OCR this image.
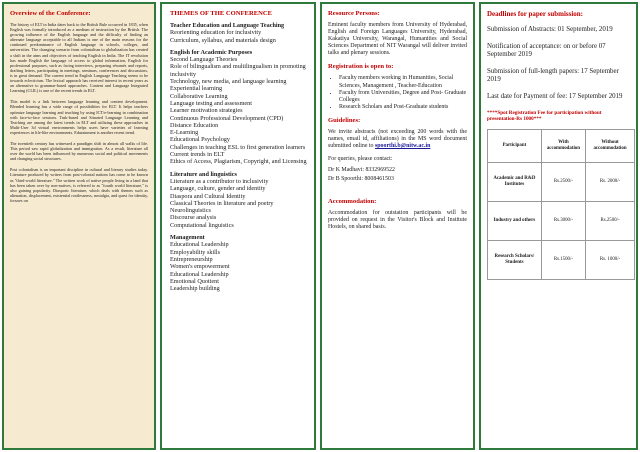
Overview of the Conference:

The history of ELT in India dates back to the British Rule occurred in 1835, when English was formally introduced as a medium of instruction by the British. The growing influence of the English language and the difficulty of finding an alternate language acceptable to all Indians is one of the main reasons for the continued predominance of English language in schools, colleges, and universities. The changing scenario from colonialism to globalization has created a shift in the aims and objectives of teaching English in India. The IT revolution has made English the language of access to global information, English for professional purposes, such as facing interviews, preparing résumés and reports, drafting letters, participating in meetings, seminars, conferences and discussions, is in great demand. The current trend in English Language Teaching seems to be towards eclecticism. The lexical approach has received interest in recent years as an alternative to grammar-based approaches. Content and Language Integrated Learning (CLIL) is one of the recent trends in ELT.

This model is a link between language learning and content development. Blended learning has a wide range of possibilities for ELT. It helps teachers optimize language learning and teaching by using ICT/e-learning in combination with face-to-face sessions. Task-based and Situated Language Learning and Teaching are among the latest trends in ELT and utilizing these approaches in Multi-User 3d virtual environments helps users have varieties of learning experiences in life-like environments. Edutainment is another recent trend.

The twentieth century has witnessed a paradigm shift in almost all walks of life. This period saw rapid globalization and immigration. As a result, literature all over the world has been influenced by numerous social and political movements and changing social structures.

Post colonialism is an important discipline in cultural and literary studies today. Literature produced by writers from post-colonial nations has come to be known as "third-world literature." The written work of native people living in a land that has been taken over by non-natives, is referred to as "fourth world literature," is also gaining popularity. Diasporic literature, which deals with themes such as alienation, displacement, existential rootlessness, nostalgia, and quest for identity, focuses on

THEMES OF THE CONFERENCE
Teacher Education and Language Teaching
Reorienting education for inclusivity
Curriculum, syllabus, and materials design
English for Academic Purposes
Second Language Theories
Role of bilingualism and multilingualism in promoting inclusivity
Technology, new media, and language learning
Experiential learning
Collaborative Learning
Language testing and assessment
Learner motivation strategies
Continuous Professional Development (CPD)
Distance Education
E-Learning
Educational Psychology
Challenges in teaching ESL to first generation learners
Current trends in ELT
Ethics of Access, Plagiarism, Copyright, and Licensing
Literature and linguistics
Literature as a contributor to inclusivity
Language, culture, gender and identity
Diaspora and Cultural Identity
Classical Theories in literature and poetry
Neurolinguistics
Discourse analysis
Computational linguistics
Management
Educational Leadership
Employability skills
Entrepreneurship
Women's empowerment
Educational Leadership
Emotional Quotient
Leadership building
Resource Persons:

Eminent faculty members from University of Hyderabad, English and Foreign Languages University, Hyderabad, Kakatiya University, Warangal, Humanities and Social Sciences Department of NIT Warangal will deliver invited talks and plenary sessions.

Registration is open to:
• Faculty members working in Humanities, Social Sciences, Management , Teacher-Education
• Faculty from Universities, Degree and Post- Graduate Colleges
• Research Scholars and Post-Graduate students
Guidelines:

We invite abstracts (not exceeding 200 words with the names, email id, affiliations) in the MS word document submitted online to spoorthi.b@nitw.ac.in

For queries, please contact:

Dr K Madhavi: 8332969522

Dr B Spoorthi: 8008461503

Accommodation:

Accommodation for outstation participants will be provided on request in the Visitor's Block and Institute Hostels, on shared basis.

Deadlines for paper submission:

Submission of Abstracts: 01 September, 2019

Notification of acceptance: on or before 07 September 2019

Submission of full-length papers: 17 September 2019

Last date for Payment of fee: 17 September 2019

****Spot Registration Fee for participation without presentation-Rs 1000***
Participant	With accommodation	Without accommodation
Academic and R&D Institutes	Rs.2500/-	Rs. 2000/-
Industry and others	Rs.3000/-	Rs.2500/-
Research Scholars/ Students	Rs.1500/-	Rs. 1000/-
